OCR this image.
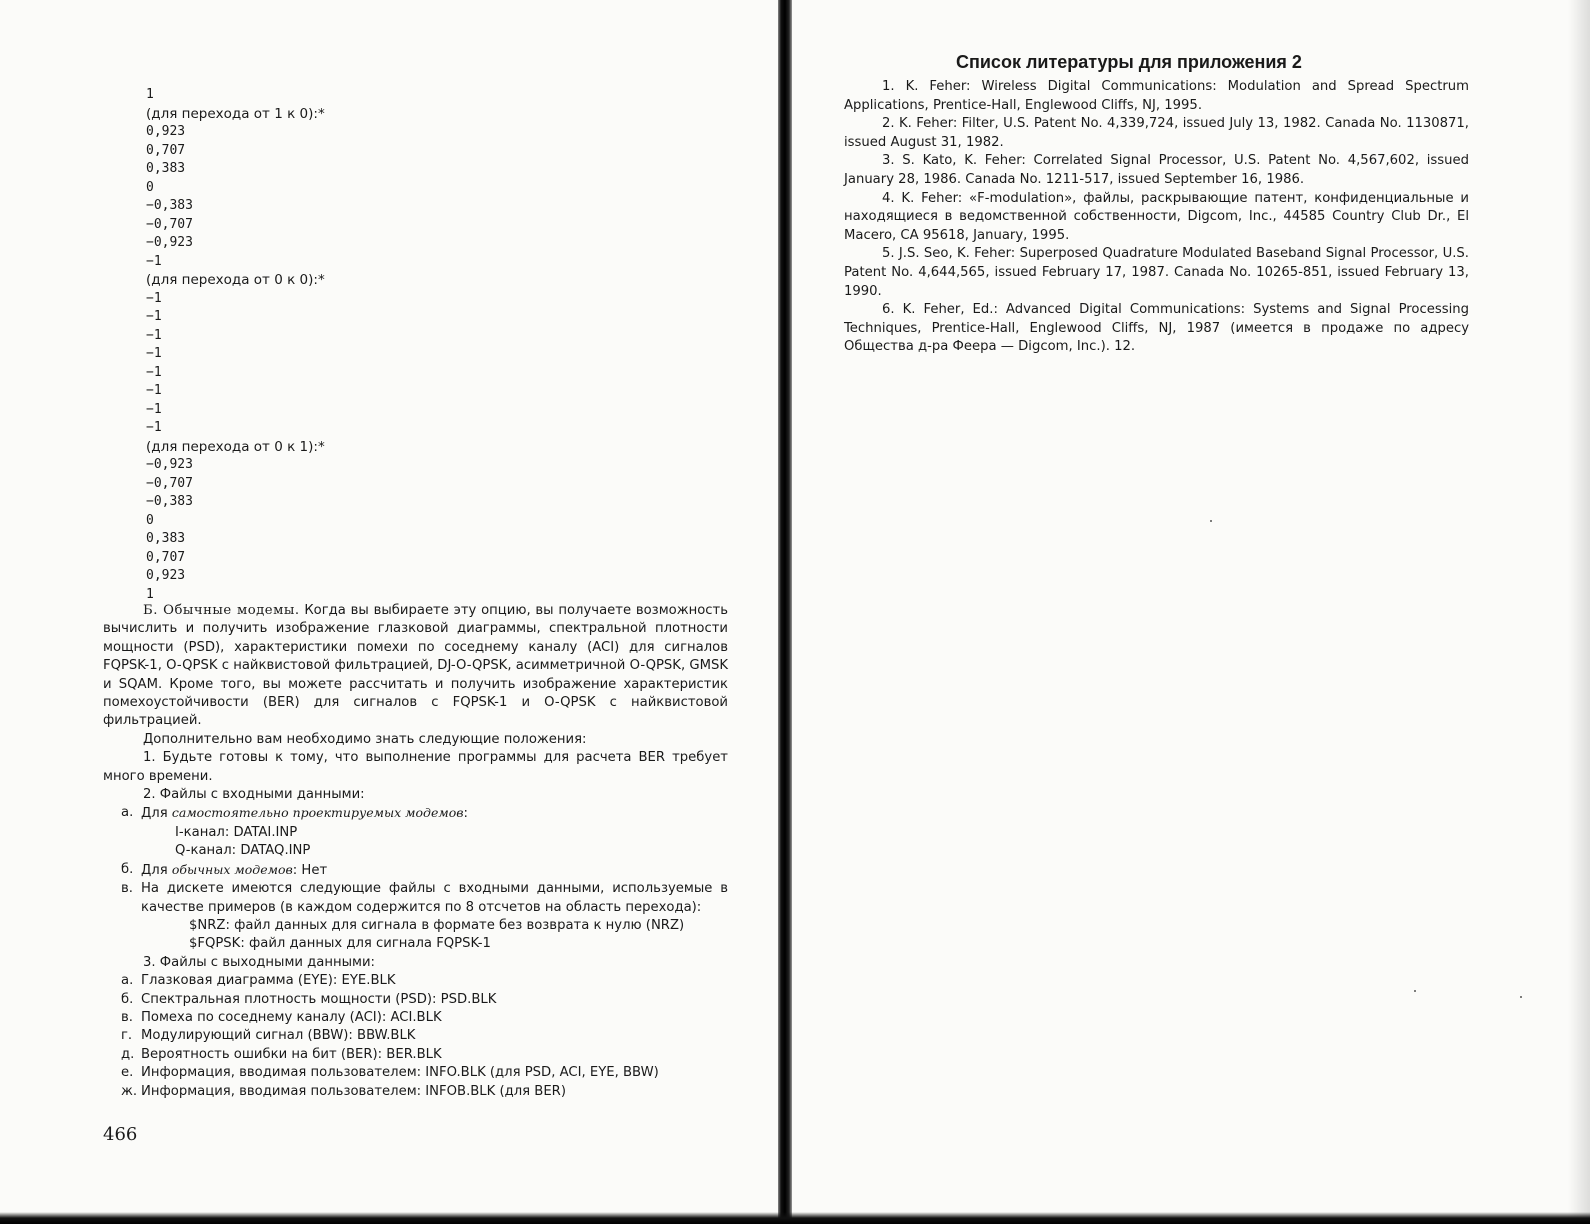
1
(для перехода от 1 к 0):*
0,923
0,707
0,383
0
−0,383
−0,707
−0,923
−1
(для перехода от 0 к 0):*
−1
−1
−1
−1
−1
−1
−1
−1
(для перехода от 0 к 1):*
−0,923
−0,707
−0,383
0
0,383
0,707
0,923
1

Б. Обычные модемы. Когда вы выбираете эту опцию, вы получаете возможность вычислить и получить изображение глазковой диаграммы, спектральной плотности мощности (PSD), характеристики помехи по соседнему каналу (ACI) для сигналов FQPSK-1, O-QPSK с найквистовой фильтрацией, DJ-O-QPSK, асимметричной O-QPSK, GMSK и SQAM. Кроме того, вы можете рассчитать и получить изображение характеристик помехоустойчивости (BER) для сигналов с FQPSK-1 и O-QPSK с найквистовой фильтрацией.

Дополнительно вам необходимо знать следующие положения:

1. Будьте готовы к тому, что выполнение программы для расчета BER требует много времени.

2. Файлы с входными данными:

а. Для самостоятельно проектируемых модемов:

I-канал: DATAI.INP

Q-канал: DATAQ.INP

б. Для обычных модемов: Нет
в. На дискете имеются следующие файлы с входными данными, используемые в качестве примеров (в каждом содержится по 8 отсчетов на область перехода):

$NRZ: файл данных для сигнала в формате без возврата к нулю (NRZ)

$FQPSK: файл данных для сигнала FQPSK-1

3. Файлы с выходными данными:

а. Глазковая диаграмма (EYE): EYE.BLK
б. Спектральная плотность мощности (PSD): PSD.BLK
в. Помеха по соседнему каналу (ACI): ACI.BLK
г. Модулирующий сигнал (BBW): BBW.BLK
д. Вероятность ошибки на бит (BER): BER.BLK
е. Информация, вводимая пользователем: INFO.BLK (для PSD, ACI, EYE, BBW)
ж. Информация, вводимая пользователем: INFOB.BLK (для BER)
466
Список литературы для приложения 2

1. K. Feher: Wireless Digital Communications: Modulation and Spread Spectrum Applications, Prentice-Hall, Englewood Cliffs, NJ, 1995.

2. K. Feher: Filter, U.S. Patent No. 4,339,724, issued July 13, 1982. Canada No. 1130871, issued August 31, 1982.

3. S. Kato, K. Feher: Correlated Signal Processor, U.S. Patent No. 4,567,602, issued January 28, 1986. Canada No. 1211-517, issued September 16, 1986.

4. K. Feher: «F-modulation», файлы, раскрывающие патент, конфиденциальные и находящиеся в ведомственной собственности, Digcom, Inc., 44585 Country Club Dr., El Macero, CA 95618, January, 1995.

5. J.S. Seo, K. Feher: Superposed Quadrature Modulated Baseband Signal Processor, U.S. Patent No. 4,644,565, issued February 17, 1987. Canada No. 10265-851, issued February 13, 1990.

6. K. Feher, Ed.: Advanced Digital Communications: Systems and Signal Processing Techniques, Prentice-Hall, Englewood Cliffs, NJ, 1987 (имеется в продаже по адресу Общества д-ра Феера — Digcom, Inc.). 12.
